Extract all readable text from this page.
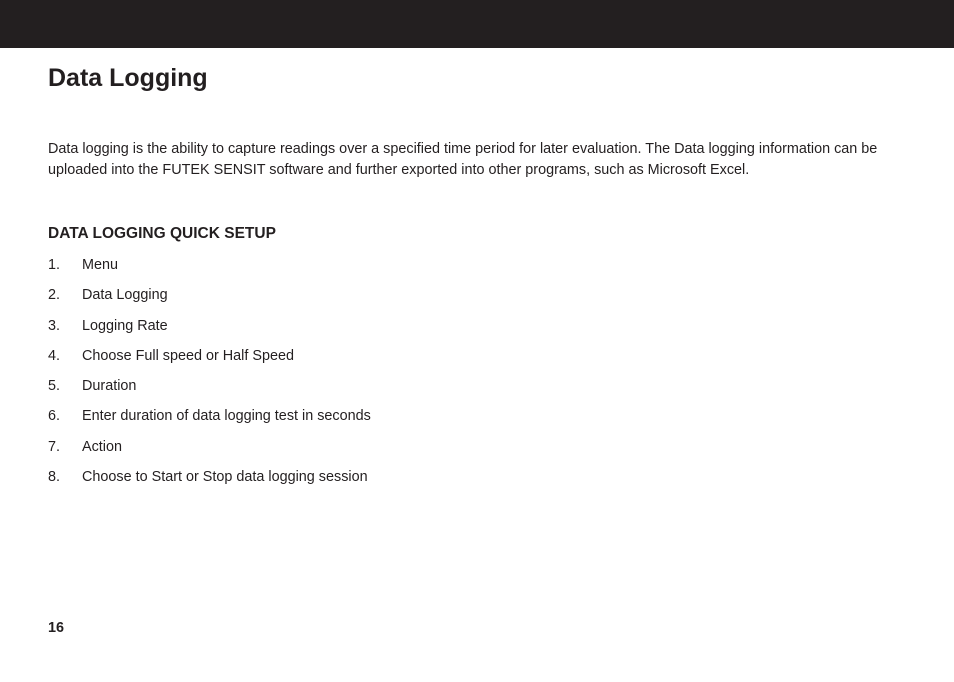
Data Logging

Data logging is the ability to capture readings over a specified time period for later evaluation. The Data logging information can be uploaded into the FUTEK SENSIT software and further exported into other programs, such as Microsoft Excel.

DATA LOGGING QUICK SETUP
1. Menu
2. Data Logging
3. Logging Rate
4. Choose Full speed or Half Speed
5. Duration
6. Enter duration of data logging test in seconds
7. Action
8. Choose to Start or Stop data logging session
16
